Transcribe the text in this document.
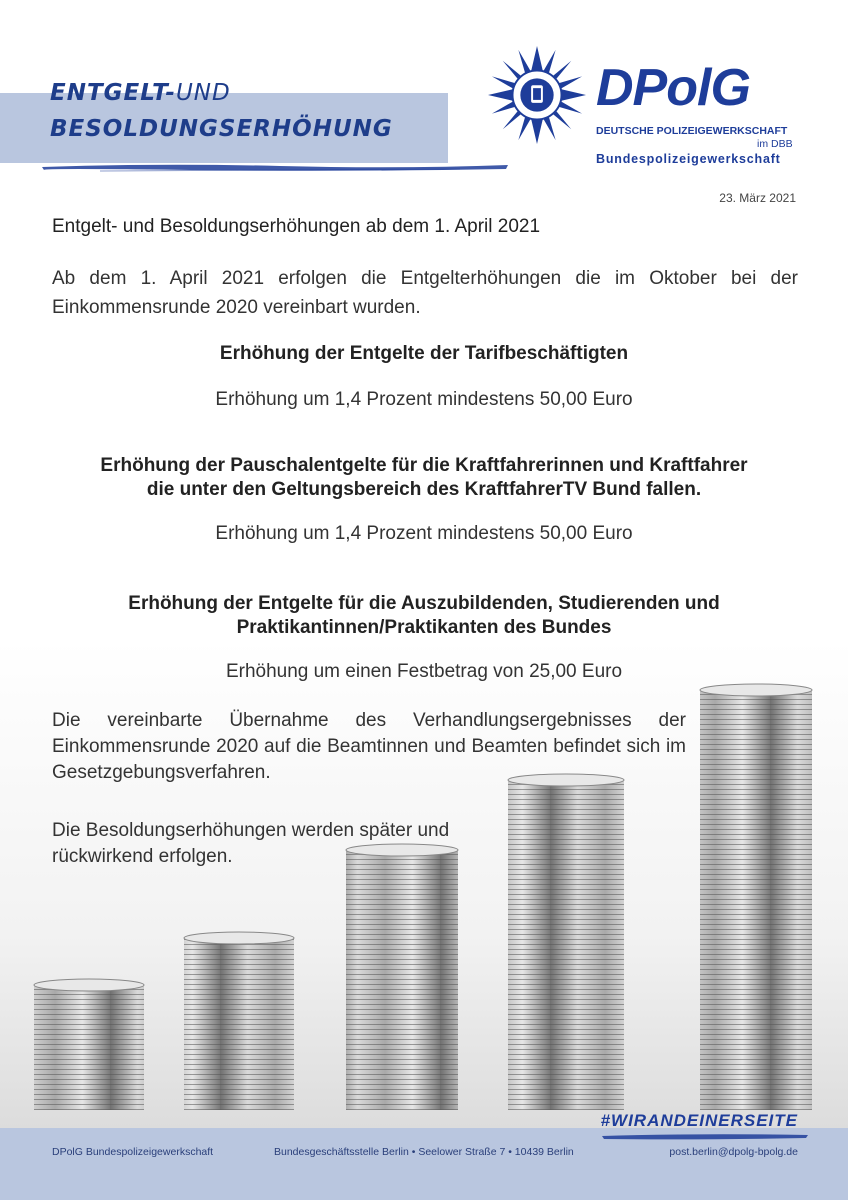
ENTGELT-UND
BESOLDUNGSERHÖHUNG
DPolG
DEUTSCHE POLIZEIGEWERKSCHAFT
im DBB
Bundespolizeigewerkschaft
23. März 2021
Entgelt- und Besoldungserhöhungen ab dem 1. April 2021
Ab dem 1. April 2021 erfolgen die Entgelterhöhungen die im Oktober bei der Einkommensrunde 2020 vereinbart wurden.
Erhöhung der Entgelte der Tarifbeschäftigten
Erhöhung um 1,4 Prozent mindestens 50,00 Euro
Erhöhung der Pauschalentgelte für die Kraftfahrerinnen und Kraftfahrer
die unter den Geltungsbereich des KraftfahrerTV Bund fallen.
Erhöhung um 1,4 Prozent mindestens 50,00 Euro
Erhöhung der Entgelte für die Auszubildenden, Studierenden und
Praktikantinnen/Praktikanten des Bundes
Erhöhung um einen Festbetrag von 25,00 Euro
Die vereinbarte Übernahme des Verhandlungsergebnisses der Einkommensrunde 2020 auf die Beamtinnen und Beamten befindet sich im Gesetzgebungsverfahren.
Die Besoldungserhöhungen werden später und rückwirkend erfolgen.
#WIRANDEINERSEITE
DPolG Bundespolizeigewerkschaft	Bundesgeschäftsstelle Berlin • Seelower Straße 7 • 10439 Berlin	post.berlin@dpolg-bpolg.de
